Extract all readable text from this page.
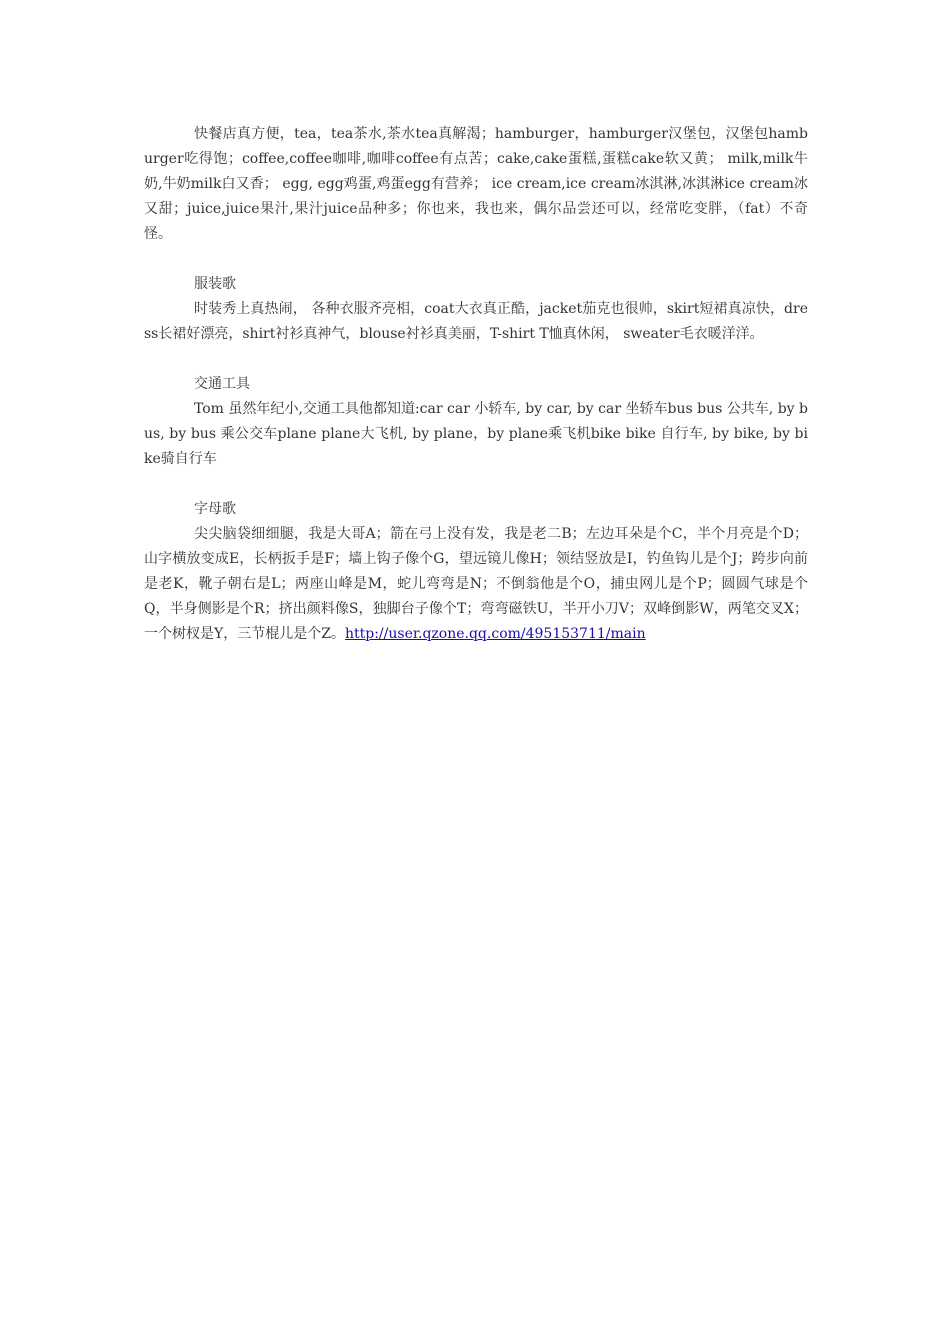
快餐店真方便，tea，tea茶水,茶水tea真解渴；hamburger，hamburger汉堡包，汉堡包hamburger吃得饱；coffee,coffee咖啡,咖啡coffee有点苦；cake,cake蛋糕,蛋糕cake软又黄； milk,milk牛奶,牛奶milk白又香； egg, egg鸡蛋,鸡蛋egg有营养； ice cream,ice cream冰淇淋,冰淇淋ice cream冰又甜；juice,juice果汁,果汁juice品种多；你也来，我也来，偶尔品尝还可以，经常吃变胖，（fat）不奇怪。

服装歌

时装秀上真热闹， 各种衣服齐亮相，coat大衣真正酷，jacket茄克也很帅，skirt短裙真凉快，dress长裙好漂亮，shirt衬衫真神气，blouse衬衫真美丽，T-shirt T恤真休闲， sweater毛衣暖洋洋。

交通工具

Tom 虽然年纪小,交通工具他都知道:car car 小轿车, by car, by car 坐轿车bus bus 公共车, by bus, by bus 乘公交车plane plane大飞机, by plane，by plane乘飞机bike bike 自行车, by bike, by bike骑自行车

字母歌

尖尖脑袋细细腿，我是大哥A；箭在弓上没有发，我是老二B；左边耳朵是个C，半个月亮是个D；山字横放变成E，长柄扳手是F；墙上钩子像个G，望远镜儿像H；领结竖放是I，钓鱼钩儿是个J；跨步向前是老K，靴子朝右是L；两座山峰是M，蛇儿弯弯是N；不倒翁他是个O，捕虫网儿是个P；圆圆气球是个Q，半身侧影是个R；挤出颜料像S，独脚台子像个T；弯弯磁铁U，半开小刀V；双峰倒影W，两笔交叉X；一个树杈是Y，三节棍儿是个Z。http://user.qzone.qq.com/495153711/main
